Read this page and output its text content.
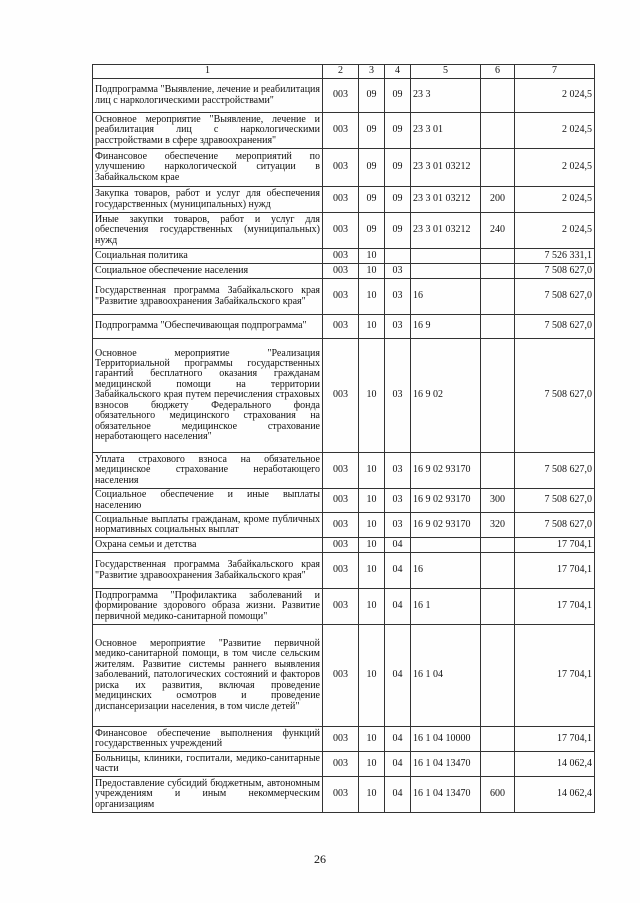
1	2	3	4	5	6	7
Подпрограмма "Выявление, лечение и реабилитация лиц с наркологическими расстройствами"	003	09	09	23 3		2 024,5
Основное мероприятие "Выявление, лечение и реабилитация лиц с наркологическими расстройствами в сфере здравоохранения"	003	09	09	23 3 01		2 024,5
Финансовое обеспечение мероприятий по улучшению наркологической ситуации в Забайкальском крае	003	09	09	23 3 01 03212		2 024,5
Закупка товаров, работ и услуг для обеспечения государственных (муниципальных) нужд	003	09	09	23 3 01 03212	200	2 024,5
Иные закупки товаров, работ и услуг для обеспечения государственных (муниципальных) нужд	003	09	09	23 3 01 03212	240	2 024,5
Социальная политика	003	10				7 526 331,1
Социальное обеспечение населения	003	10	03			7 508 627,0
Государственная программа Забайкальского края "Развитие здравоохранения Забайкальского края"	003	10	03	16		7 508 627,0
Подпрограмма "Обеспечивающая подпрограмма"	003	10	03	16 9		7 508 627,0
Основное мероприятие "Реализация Территориальной программы государственных гарантий бесплатного оказания гражданам медицинской помощи на территории Забайкальского края путем перечисления страховых взносов бюджету Федерального фонда обязательного медицинского страхования на обязательное медицинское страхование неработающего населения"	003	10	03	16 9 02		7 508 627,0
Уплата страхового взноса на обязательное медицинское страхование неработающего населения	003	10	03	16 9 02 93170		7 508 627,0
Социальное обеспечение и иные выплаты населению	003	10	03	16 9 02 93170	300	7 508 627,0
Социальные выплаты гражданам, кроме публичных нормативных социальных выплат	003	10	03	16 9 02 93170	320	7 508 627,0
Охрана семьи и детства	003	10	04			17 704,1
Государственная программа Забайкальского края "Развитие здравоохранения Забайкальского края"	003	10	04	16		17 704,1
Подпрограмма "Профилактика заболеваний и формирование здорового образа жизни. Развитие первичной медико-санитарной помощи"	003	10	04	16 1		17 704,1
Основное мероприятие "Развитие первичной медико-санитарной помощи, в том числе сельским жителям. Развитие системы раннего выявления заболеваний, патологических состояний и факторов риска их развития, включая проведение медицинских осмотров и проведение диспансеризации населения, в том числе детей"	003	10	04	16 1 04		17 704,1
Финансовое обеспечение выполнения функций государственных учреждений	003	10	04	16 1 04 10000		17 704,1
Больницы, клиники, госпитали, медико-санитарные части	003	10	04	16 1 04 13470		14 062,4
Предоставление субсидий бюджетным, автономным учреждениям и иным некоммерческим организациям	003	10	04	16 1 04 13470	600	14 062,4
26
